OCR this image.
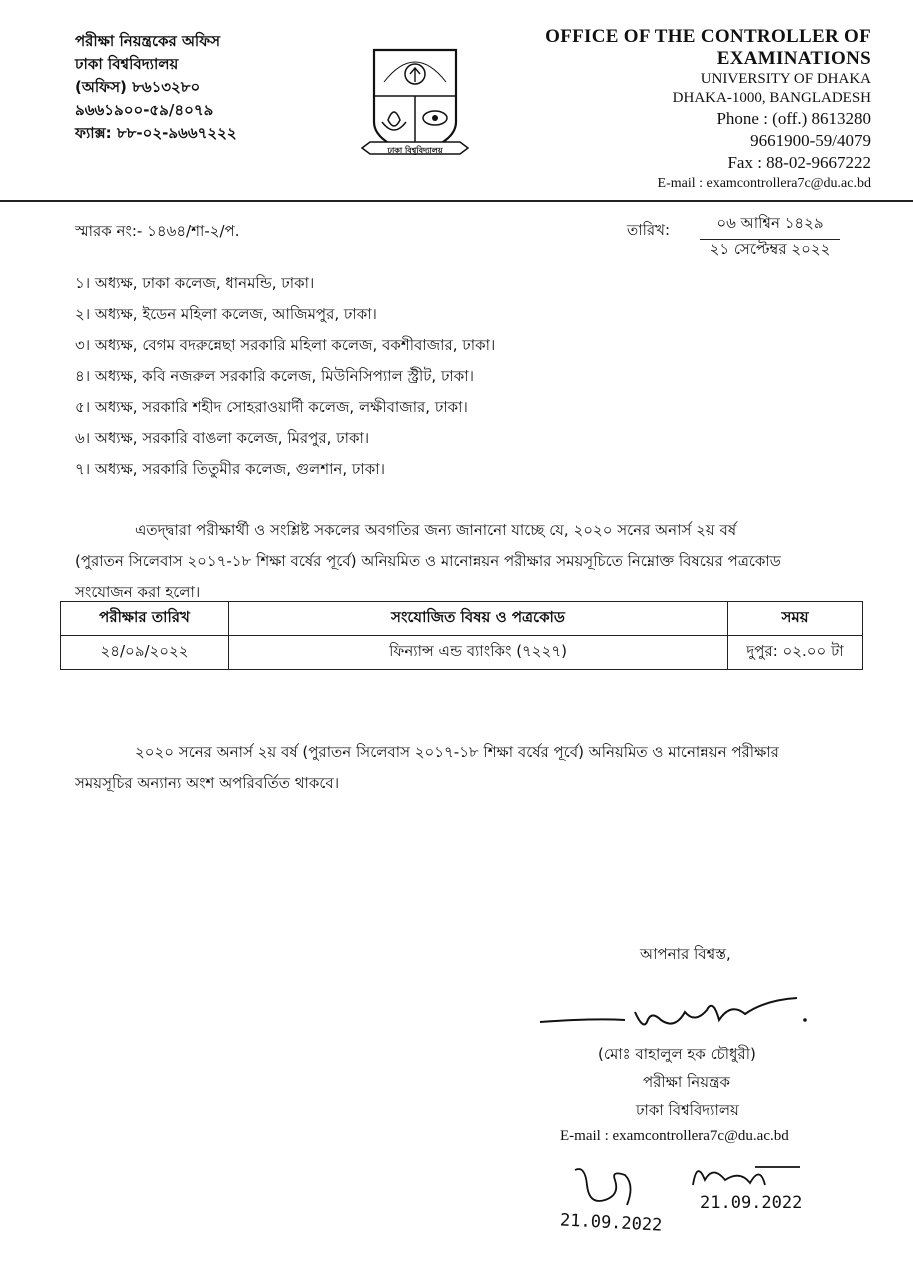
পরীক্ষা নিয়ন্ত্রকের অফিস
ঢাকা বিশ্ববিদ্যালয়
(অফিস) ৮৬১৩২৮০
৯৬৬১৯০০-৫৯/৪০৭৯
ফ্যাক্স: ৮৮-০২-৯৬৬৭২২২
ঢাকা বিশ্ববিদ্যালয়
OFFICE OF THE CONTROLLER OF
EXAMINATIONS
UNIVERSITY OF DHAKA
DHAKA-1000, BANGLADESH
Phone : (off.) 8613280
9661900-59/4079
Fax : 88-02-9667222
E-mail : examcontrollera7c@du.ac.bd
স্মারক নং:- ১৪৬৪/শা-২/প.	তারিখ:	০৬ আশ্বিন ১৪২৯
২১ সেপ্টেম্বর ২০২২
১। অধ্যক্ষ, ঢাকা কলেজ, ধানমন্ডি, ঢাকা।
২। অধ্যক্ষ, ইডেন মহিলা কলেজ, আজিমপুর, ঢাকা।
৩। অধ্যক্ষ, বেগম বদরুন্নেছা সরকারি মহিলা কলেজ, বকশীবাজার, ঢাকা।
৪। অধ্যক্ষ, কবি নজরুল সরকারি কলেজ, মিউনিসিপ্যাল স্ট্রীট, ঢাকা।
৫। অধ্যক্ষ, সরকারি শহীদ সোহরাওয়ার্দী কলেজ, লক্ষীবাজার, ঢাকা।
৬। অধ্যক্ষ, সরকারি বাঙলা কলেজ, মিরপুর, ঢাকা।
৭। অধ্যক্ষ, সরকারি তিতুমীর কলেজ, গুলশান, ঢাকা।
এতদ্দ্বারা পরীক্ষার্থী ও সংশ্লিষ্ট সকলের অবগতির জন্য জানানো যাচ্ছে যে, ২০২০ সনের অনার্স ২য় বর্ষ
(পুরাতন সিলেবাস ২০১৭-১৮ শিক্ষা বর্ষের পূর্বে) অনিয়মিত ও মানোন্নয়ন পরীক্ষার সময়সূচিতে নিম্নোক্ত বিষয়ের পত্রকোড
সংযোজন করা হলো।
পরীক্ষার তারিখ	সংযোজিত বিষয় ও পত্রকোড	সময়
২৪/০৯/২০২২	ফিন্যান্স এন্ড ব্যাংকিং (৭২২৭)	দুপুর: ০২.০০ টা
২০২০ সনের অনার্স ২য় বর্ষ (পুরাতন সিলেবাস ২০১৭-১৮ শিক্ষা বর্ষের পূর্বে) অনিয়মিত ও মানোন্নয়ন পরীক্ষার
সময়সূচির অন্যান্য অংশ অপরিবর্তিত থাকবে।
আপনার বিশ্বস্ত,
(মোঃ বাহালুল হক চৌধুরী)
পরীক্ষা নিয়ন্ত্রক
ঢাকা বিশ্ববিদ্যালয়
E-mail : examcontrollera7c@du.ac.bd
21.09.2022
21.09.2022
